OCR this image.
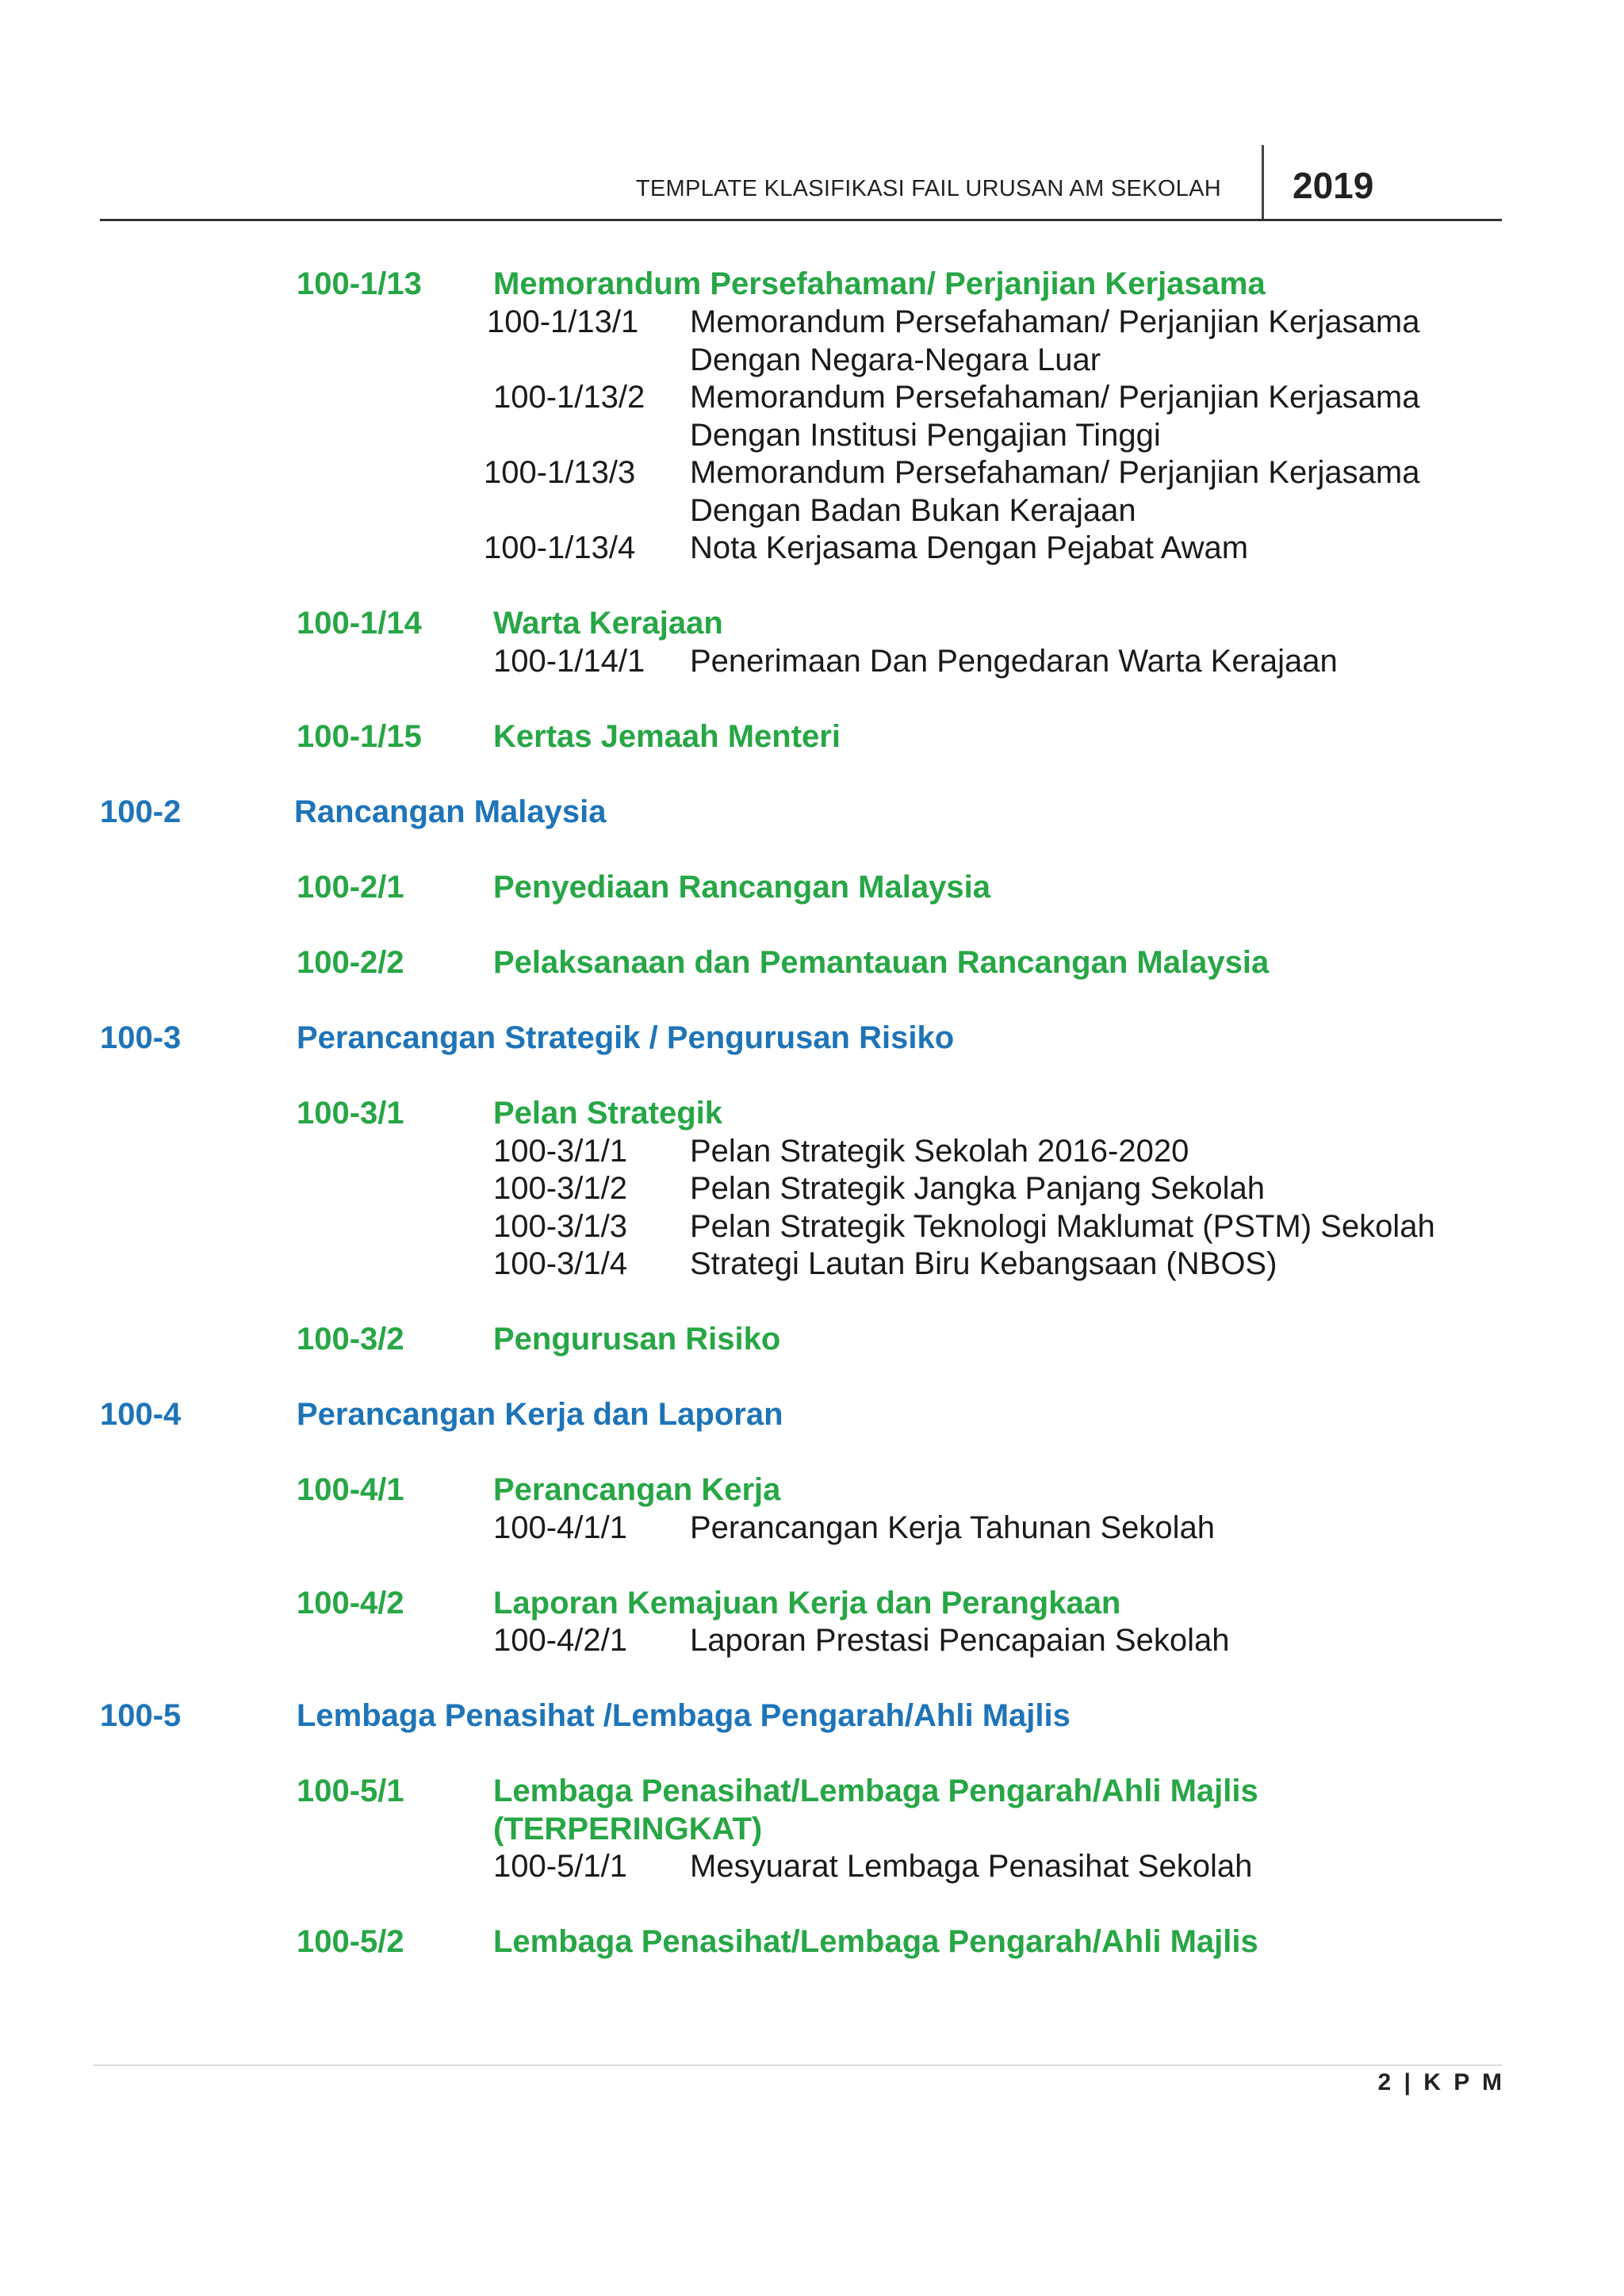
TEMPLATE KLASIFIKASI FAIL URUSAN AM SEKOLAH 2019
100-1/13 Memorandum Persefahaman/ Perjanjian Kerjasama
100-1/13/1 Memorandum Persefahaman/ Perjanjian Kerjasama
Dengan Negara-Negara Luar
100-1/13/2 Memorandum Persefahaman/ Perjanjian Kerjasama
Dengan Institusi Pengajian Tinggi
100-1/13/3 Memorandum Persefahaman/ Perjanjian Kerjasama
Dengan Badan Bukan Kerajaan
100-1/13/4 Nota Kerjasama Dengan Pejabat Awam
100-1/14 Warta Kerajaan
100-1/14/1 Penerimaan Dan Pengedaran Warta Kerajaan
100-1/15 Kertas Jemaah Menteri
100-2	Rancangan Malaysia
100-2/1	Penyediaan Rancangan Malaysia
100-2/2	Pelaksanaan dan Pemantauan Rancangan Malaysia
100-3	Perancangan Strategik / Pengurusan Risiko
100-3/1	Pelan Strategik
100-3/1/1 Pelan Strategik Sekolah 2016-2020
100-3/1/2 Pelan Strategik Jangka Panjang Sekolah
100-3/1/3 Pelan Strategik Teknologi Maklumat (PSTM) Sekolah
100-3/1/4 Strategi Lautan Biru Kebangsaan (NBOS)
100-3/2	Pengurusan Risiko
100-4	Perancangan Kerja dan Laporan
100-4/1	Perancangan Kerja
100-4/1/1 Perancangan Kerja Tahunan Sekolah
100-4/2	Laporan Kemajuan Kerja dan Perangkaan
100-4/2/1 Laporan Prestasi Pencapaian Sekolah
100-5	Lembaga Penasihat /Lembaga Pengarah/Ahli Majlis
100-5/1	Lembaga Penasihat/Lembaga Pengarah/Ahli Majlis
(TERPERINGKAT)
100-5/1/1 Mesyuarat Lembaga Penasihat Sekolah
100-5/2	Lembaga Penasihat/Lembaga Pengarah/Ahli Majlis
2 | K P M
